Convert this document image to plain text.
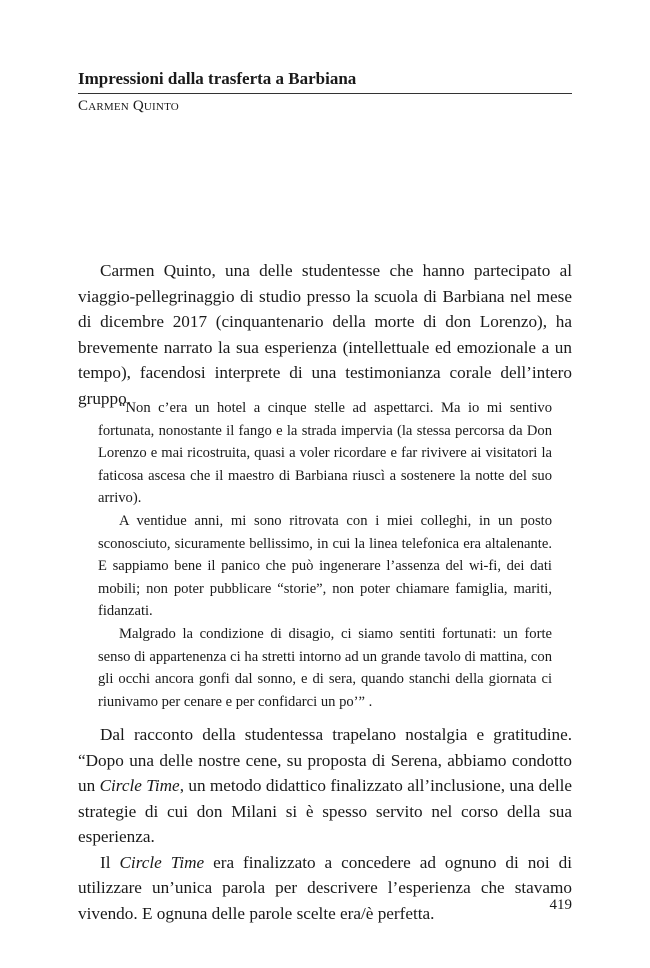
Impressioni dalla trasferta a Barbiana
Carmen Quinto

Carmen Quinto, una delle studentesse che hanno partecipato al viaggio-pellegrinaggio di studio presso la scuola di Barbiana nel mese di dicembre 2017 (cinquantenario della morte di don Lorenzo), ha brevemente narrato la sua esperienza (intellettuale ed emozionale a un tempo), facendosi interprete di una testimonianza corale dell’intero gruppo.

“Non c’era un hotel a cinque stelle ad aspettarci. Ma io mi sentivo fortunata, nonostante il fango e la strada impervia (la stessa percorsa da Don Lorenzo e mai ricostruita, quasi a voler ricordare e far rivivere ai visitatori la faticosa ascesa che il maestro di Barbiana riuscì a sostenere la notte del suo arrivo).

A ventidue anni, mi sono ritrovata con i miei colleghi, in un posto sconosciuto, sicuramente bellissimo, in cui la linea telefonica era altalenante. E sappiamo bene il panico che può ingenerare l’assenza del wi-fi, dei dati mobili; non poter pubblicare “storie”, non poter chiamare famiglia, mariti, fidanzati.

Malgrado la condizione di disagio, ci siamo sentiti fortunati: un forte senso di appartenenza ci ha stretti intorno ad un grande tavolo di mattina, con gli occhi ancora gonfi dal sonno, e di sera, quando stanchi della giornata ci riunivamo per cenare e per confidarci un po’” .

Dal racconto della studentessa trapelano nostalgia e gratitudine. “Dopo una delle nostre cene, su proposta di Serena, abbiamo condotto un Circle Time, un metodo didattico finalizzato all’inclusione, una delle strategie di cui don Milani si è spesso servito nel corso della sua esperienza.

Il Circle Time era finalizzato a concedere ad ognuno di noi di utilizzare un’unica parola per descrivere l’esperienza che stavamo vivendo. E ognuna delle parole scelte era/è perfetta.	419
